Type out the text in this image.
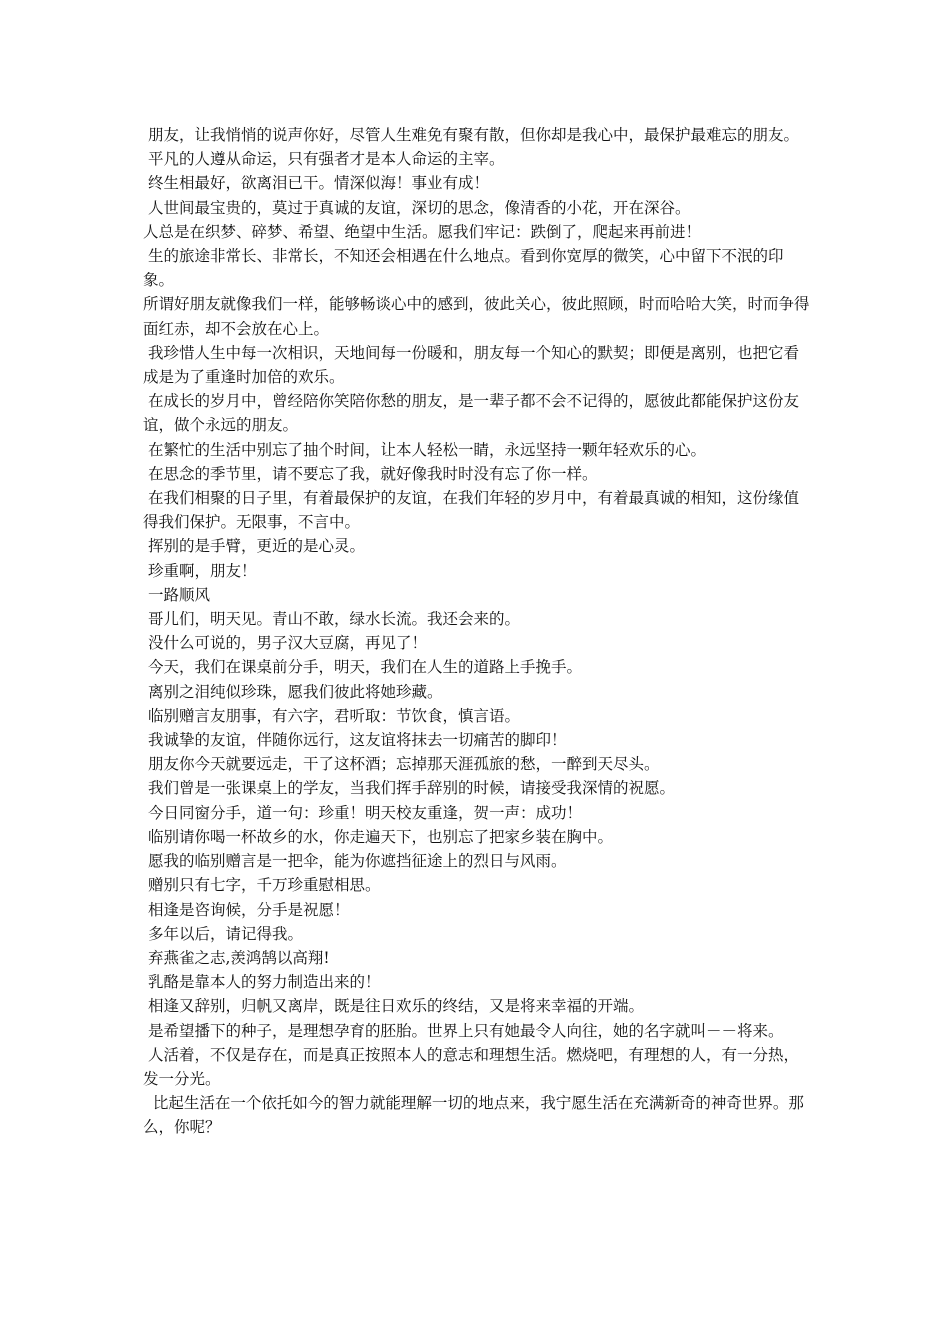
朋友，让我悄悄的说声你好，尽管人生难免有聚有散，但你却是我心中，最保护最难忘的朋友。

平凡的人遵从命运，只有强者才是本人命运的主宰。

终生相最好，欲离泪已干。情深似海！事业有成！

人世间最宝贵的，莫过于真诚的友谊，深切的思念，像清香的小花，开在深谷。

人总是在织梦、碎梦、希望、绝望中生活。愿我们牢记：跌倒了，爬起来再前进！

生的旅途非常长、非常长，不知还会相遇在什么地点。看到你宽厚的微笑，心中留下不泯的印象。

所谓好朋友就像我们一样，能够畅谈心中的感到，彼此关心，彼此照顾，时而哈哈大笑，时而争得面红赤，却不会放在心上。

我珍惜人生中每一次相识，天地间每一份暖和，朋友每一个知心的默契；即便是离别，也把它看成是为了重逢时加倍的欢乐。

在成长的岁月中，曾经陪你笑陪你愁的朋友，是一辈子都不会不记得的，愿彼此都能保护这份友谊，做个永远的朋友。

在繁忙的生活中别忘了抽个时间，让本人轻松一睛，永远坚持一颗年轻欢乐的心。

在思念的季节里，请不要忘了我，就好像我时时没有忘了你一样。

在我们相聚的日子里，有着最保护的友谊，在我们年轻的岁月中，有着最真诚的相知，这份缘值得我们保护。无限事，不言中。

挥别的是手臂，更近的是心灵。

珍重啊，朋友！

一路顺风

哥儿们，明天见。青山不敢，绿水长流。我还会来的。

没什么可说的，男子汉大豆腐，再见了！

今天，我们在课桌前分手，明天，我们在人生的道路上手挽手。

离别之泪纯似珍珠，愿我们彼此将她珍藏。

临别赠言友朋事，有六字，君听取：节饮食，慎言语。

我诚挚的友谊，伴随你远行，这友谊将抹去一切痛苦的脚印！

朋友你今天就要远走，干了这杯酒；忘掉那天涯孤旅的愁，一醉到天尽头。

我们曾是一张课桌上的学友，当我们挥手辞别的时候，请接受我深情的祝愿。

今日同窗分手，道一句：珍重！明天校友重逢，贺一声：成功！

临别请你喝一杯故乡的水，你走遍天下，也别忘了把家乡装在胸中。

愿我的临别赠言是一把伞，能为你遮挡征途上的烈日与风雨。

赠别只有七字，千万珍重慰相思。

相逢是咨询候，分手是祝愿！

多年以后，请记得我。

弃燕雀之志,羡鸿鹄以高翔!

乳酪是靠本人的努力制造出来的！

相逢又辞别，归帆又离岸，既是往日欢乐的终结，又是将来幸福的开端。

是希望播下的种子，是理想孕育的胚胎。世界上只有她最令人向往，她的名字就叫－－将来。

人活着，不仅是存在，而是真正按照本人的意志和理想生活。燃烧吧，有理想的人，有一分热，发一分光。

比起生活在一个依托如今的智力就能理解一切的地点来，我宁愿生活在充满新奇的神奇世界。那么，你呢？
